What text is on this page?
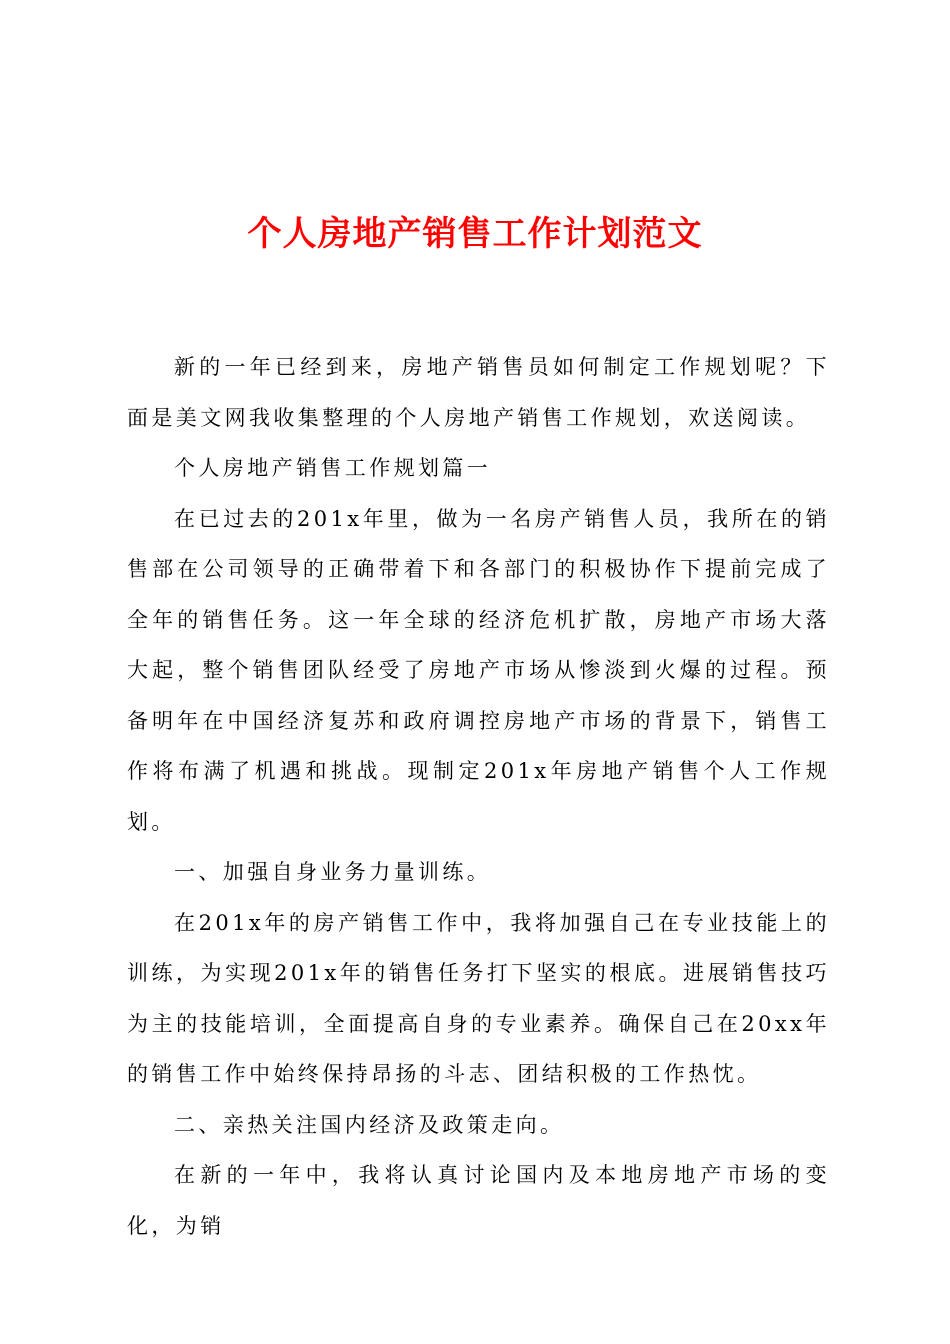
个人房地产销售工作计划范文

新的一年已经到来，房地产销售员如何制定工作规划呢？下面是美文网我收集整理的个人房地产销售工作规划，欢送阅读。

个人房地产销售工作规划篇一

在已过去的201x年里，做为一名房产销售人员，我所在的销售部在公司领导的正确带着下和各部门的积极协作下提前完成了全年的销售任务。这一年全球的经济危机扩散，房地产市场大落大起，整个销售团队经受了房地产市场从惨淡到火爆的过程。预备明年在中国经济复苏和政府调控房地产市场的背景下，销售工作将布满了机遇和挑战。现制定201x年房地产销售个人工作规划。

一、加强自身业务力量训练。

在201x年的房产销售工作中，我将加强自己在专业技能上的训练，为实现201x年的销售任务打下坚实的根底。进展销售技巧为主的技能培训，全面提高自身的专业素养。确保自己在20xx年的销售工作中始终保持昂扬的斗志、团结积极的工作热忱。

二、亲热关注国内经济及政策走向。

在新的一年中，我将认真讨论国内及本地房地产市场的变化，为销
